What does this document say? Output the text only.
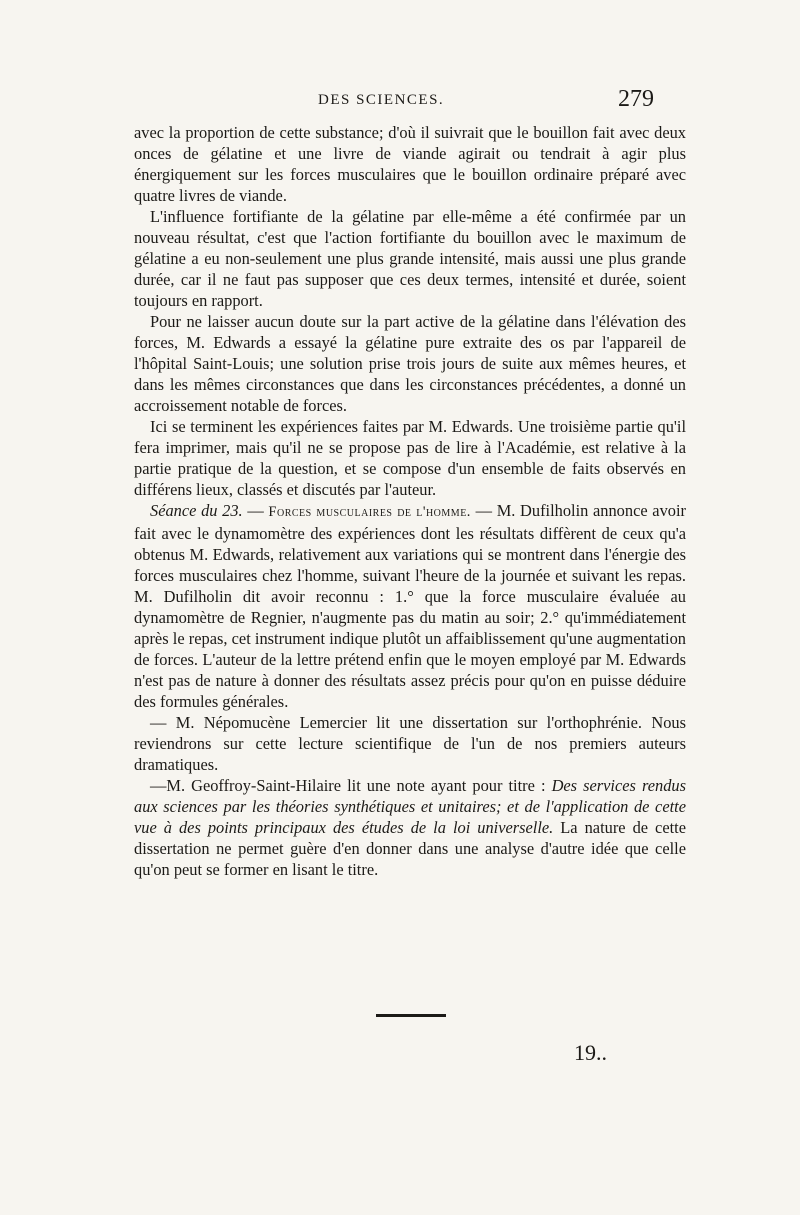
DES SCIENCES.	279

avec la proportion de cette substance; d'où il suivrait que le bouillon fait avec deux onces de gélatine et une livre de viande agirait ou tendrait à agir plus énergiquement sur les forces musculaires que le bouillon ordinaire préparé avec quatre livres de viande.

L'influence fortifiante de la gélatine par elle-même a été confirmée par un nouveau résultat, c'est que l'action fortifiante du bouillon avec le maximum de gélatine a eu non-seulement une plus grande intensité, mais aussi une plus grande durée, car il ne faut pas supposer que ces deux termes, intensité et durée, soient toujours en rapport.

Pour ne laisser aucun doute sur la part active de la gélatine dans l'élévation des forces, M. Edwards a essayé la gélatine pure extraite des os par l'appareil de l'hôpital Saint-Louis; une solution prise trois jours de suite aux mêmes heures, et dans les mêmes circonstances que dans les circonstances précédentes, a donné un accroissement notable de forces.

Ici se terminent les expériences faites par M. Edwards. Une troisième partie qu'il fera imprimer, mais qu'il ne se propose pas de lire à l'Académie, est relative à la partie pratique de la question, et se compose d'un ensemble de faits observés en différens lieux, classés et discutés par l'auteur.

Séance du 23. — Forces musculaires de l'homme. — M. Dufilholin annonce avoir fait avec le dynamomètre des expériences dont les résultats diffèrent de ceux qu'a obtenus M. Edwards, relativement aux variations qui se montrent dans l'énergie des forces musculaires chez l'homme, suivant l'heure de la journée et suivant les repas. M. Dufilholin dit avoir reconnu : 1.° que la force musculaire évaluée au dynamomètre de Regnier, n'augmente pas du matin au soir; 2.° qu'immédiatement après le repas, cet instrument indique plutôt un affaiblissement qu'une augmentation de forces. L'auteur de la lettre prétend enfin que le moyen employé par M. Edwards n'est pas de nature à donner des résultats assez précis pour qu'on en puisse déduire des formules générales.

— M. Népomucène Lemercier lit une dissertation sur l'orthophrénie. Nous reviendrons sur cette lecture scientifique de l'un de nos premiers auteurs dramatiques.

—M. Geoffroy-Saint-Hilaire lit une note ayant pour titre : Des services rendus aux sciences par les théories synthétiques et unitaires; et de l'application de cette vue à des points principaux des études de la loi universelle. La nature de cette dissertation ne permet guère d'en donner dans une analyse d'autre idée que celle qu'on peut se former en lisant le titre.

19..
